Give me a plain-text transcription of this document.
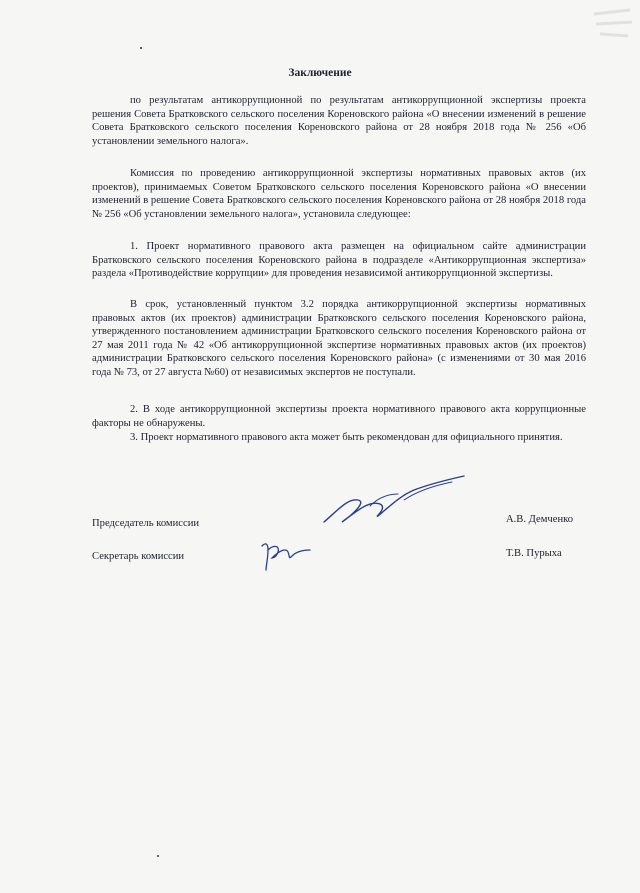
Заключение

по результатам антикоррупционной по результатам антикоррупционной экспертизы проекта решения Совета Братковского сельского поселения Кореновского района «О внесении изменений в решение Совета Братковского сельского поселения Кореновского района от 28 ноября 2018 года № 256 «Об установлении земельного налога».

Комиссия по проведению антикоррупционной экспертизы нормативных правовых актов (их проектов), принимаемых Советом Братковского сельского поселения Кореновского района «О внесении изменений в решение Совета Братковского сельского поселения Кореновского района от 28 ноября 2018 года № 256 «Об установлении земельного налога», установила следующее:

1. Проект нормативного правового акта размещен на официальном сайте администрации Братковского сельского поселения Кореновского района в подразделе «Антикоррупционная экспертиза» раздела «Противодействие коррупции» для проведения независимой антикоррупционной экспертизы.

В срок, установленный пунктом 3.2 порядка антикоррупционной экспертизы нормативных правовых актов (их проектов) администрации Братковского сельского поселения Кореновского района, утвержденного постановлением администрации Братковского сельского поселения Кореновского района от 27 мая 2011 года № 42 «Об антикоррупционной экспертизе нормативных правовых актов (их проектов) администрации Братковского сельского поселения Кореновского района» (с изменениями от 30 мая 2016 года № 73, от 27 августа №60) от независимых экспертов не поступали.

2. В ходе антикоррупционной экспертизы проекта нормативного правового акта коррупционные факторы не обнаружены.

3. Проект нормативного правового акта может быть рекомендован для официального принятия.

Председатель комиссии	А.В. Демченко
Секретарь комиссии	Т.В. Пурыха
